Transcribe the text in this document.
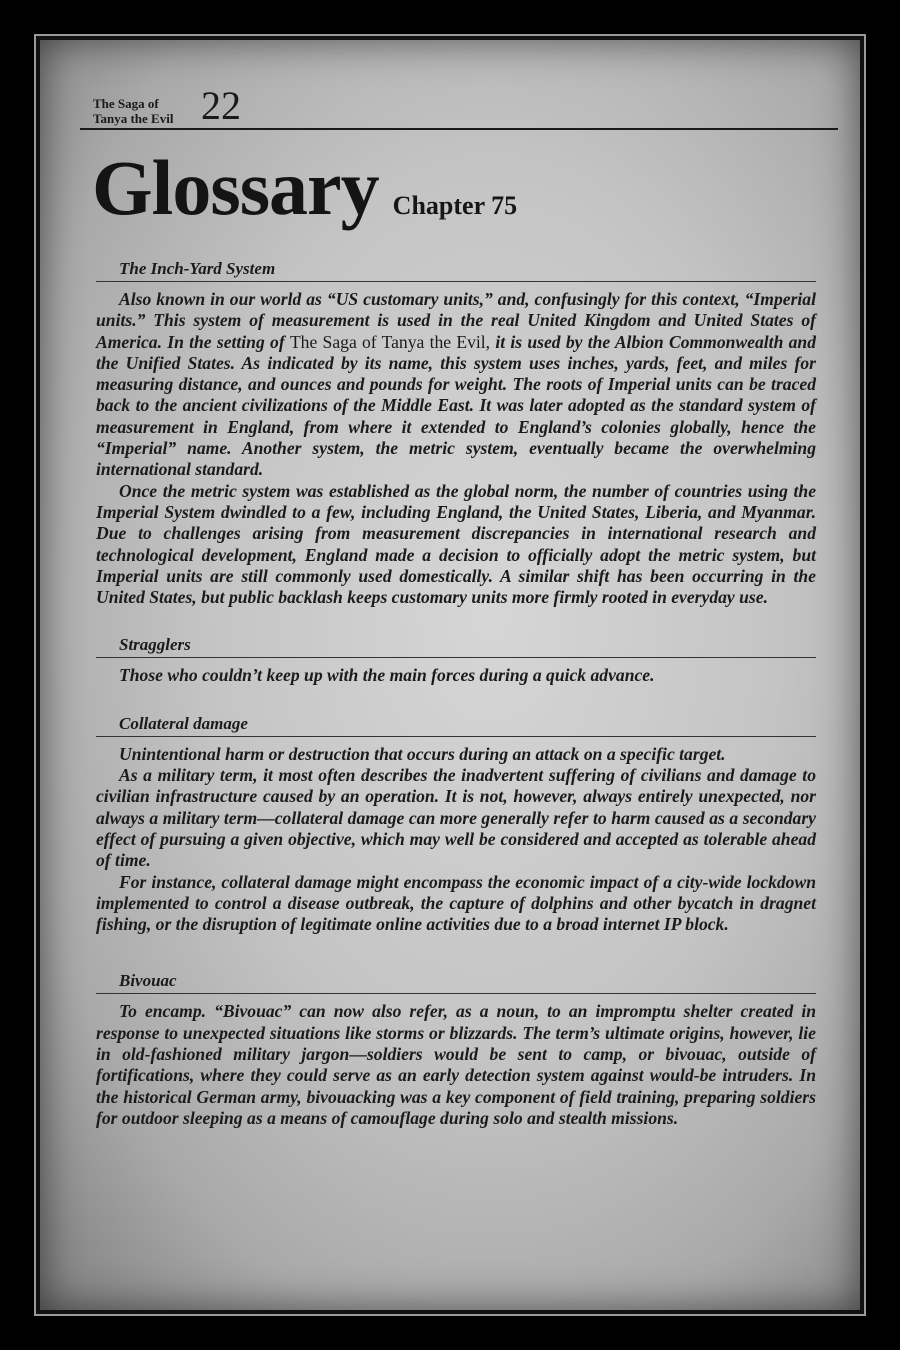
The Saga of Tanya the Evil 22
Glossary Chapter 75
The Inch-Yard System

Also known in our world as “US customary units,” and, confusingly for this context, “Imperial units.” This system of measurement is used in the real United Kingdom and United States of America. In the setting of The Saga of Tanya the Evil, it is used by the Albion Commonwealth and the Unified States. As indicated by its name, this system uses inches, yards, feet, and miles for measuring distance, and ounces and pounds for weight. The roots of Imperial units can be traced back to the ancient civilizations of the Middle East. It was later adopted as the standard system of measurement in England, from where it extended to England’s colonies globally, hence the “Imperial” name. Another system, the metric system, eventually became the overwhelming international standard.

Once the metric system was established as the global norm, the number of countries using the Imperial System dwindled to a few, including England, the United States, Liberia, and Myanmar. Due to challenges arising from measurement discrepancies in international research and technological development, England made a decision to officially adopt the metric system, but Imperial units are still commonly used domestically. A similar shift has been occurring in the United States, but public backlash keeps customary units more firmly rooted in everyday use.

Stragglers

Those who couldn’t keep up with the main forces during a quick advance.

Collateral damage

Unintentional harm or destruction that occurs during an attack on a specific target.

As a military term, it most often describes the inadvertent suffering of civilians and damage to civilian infrastructure caused by an operation. It is not, however, always entirely unexpected, nor always a military term—collateral damage can more generally refer to harm caused as a secondary effect of pursuing a given objective, which may well be considered and accepted as tolerable ahead of time.

For instance, collateral damage might encompass the economic impact of a city-wide lockdown implemented to control a disease outbreak, the capture of dolphins and other bycatch in dragnet fishing, or the disruption of legitimate online activities due to a broad internet IP block.

Bivouac

To encamp. “Bivouac” can now also refer, as a noun, to an impromptu shelter created in response to unexpected situations like storms or blizzards. The term’s ultimate origins, however, lie in old-fashioned military jargon—soldiers would be sent to camp, or bivouac, outside of fortifications, where they could serve as an early detection system against would-be intruders. In the historical German army, bivouacking was a key component of field training, preparing soldiers for outdoor sleeping as a means of camouflage during solo and stealth missions.
